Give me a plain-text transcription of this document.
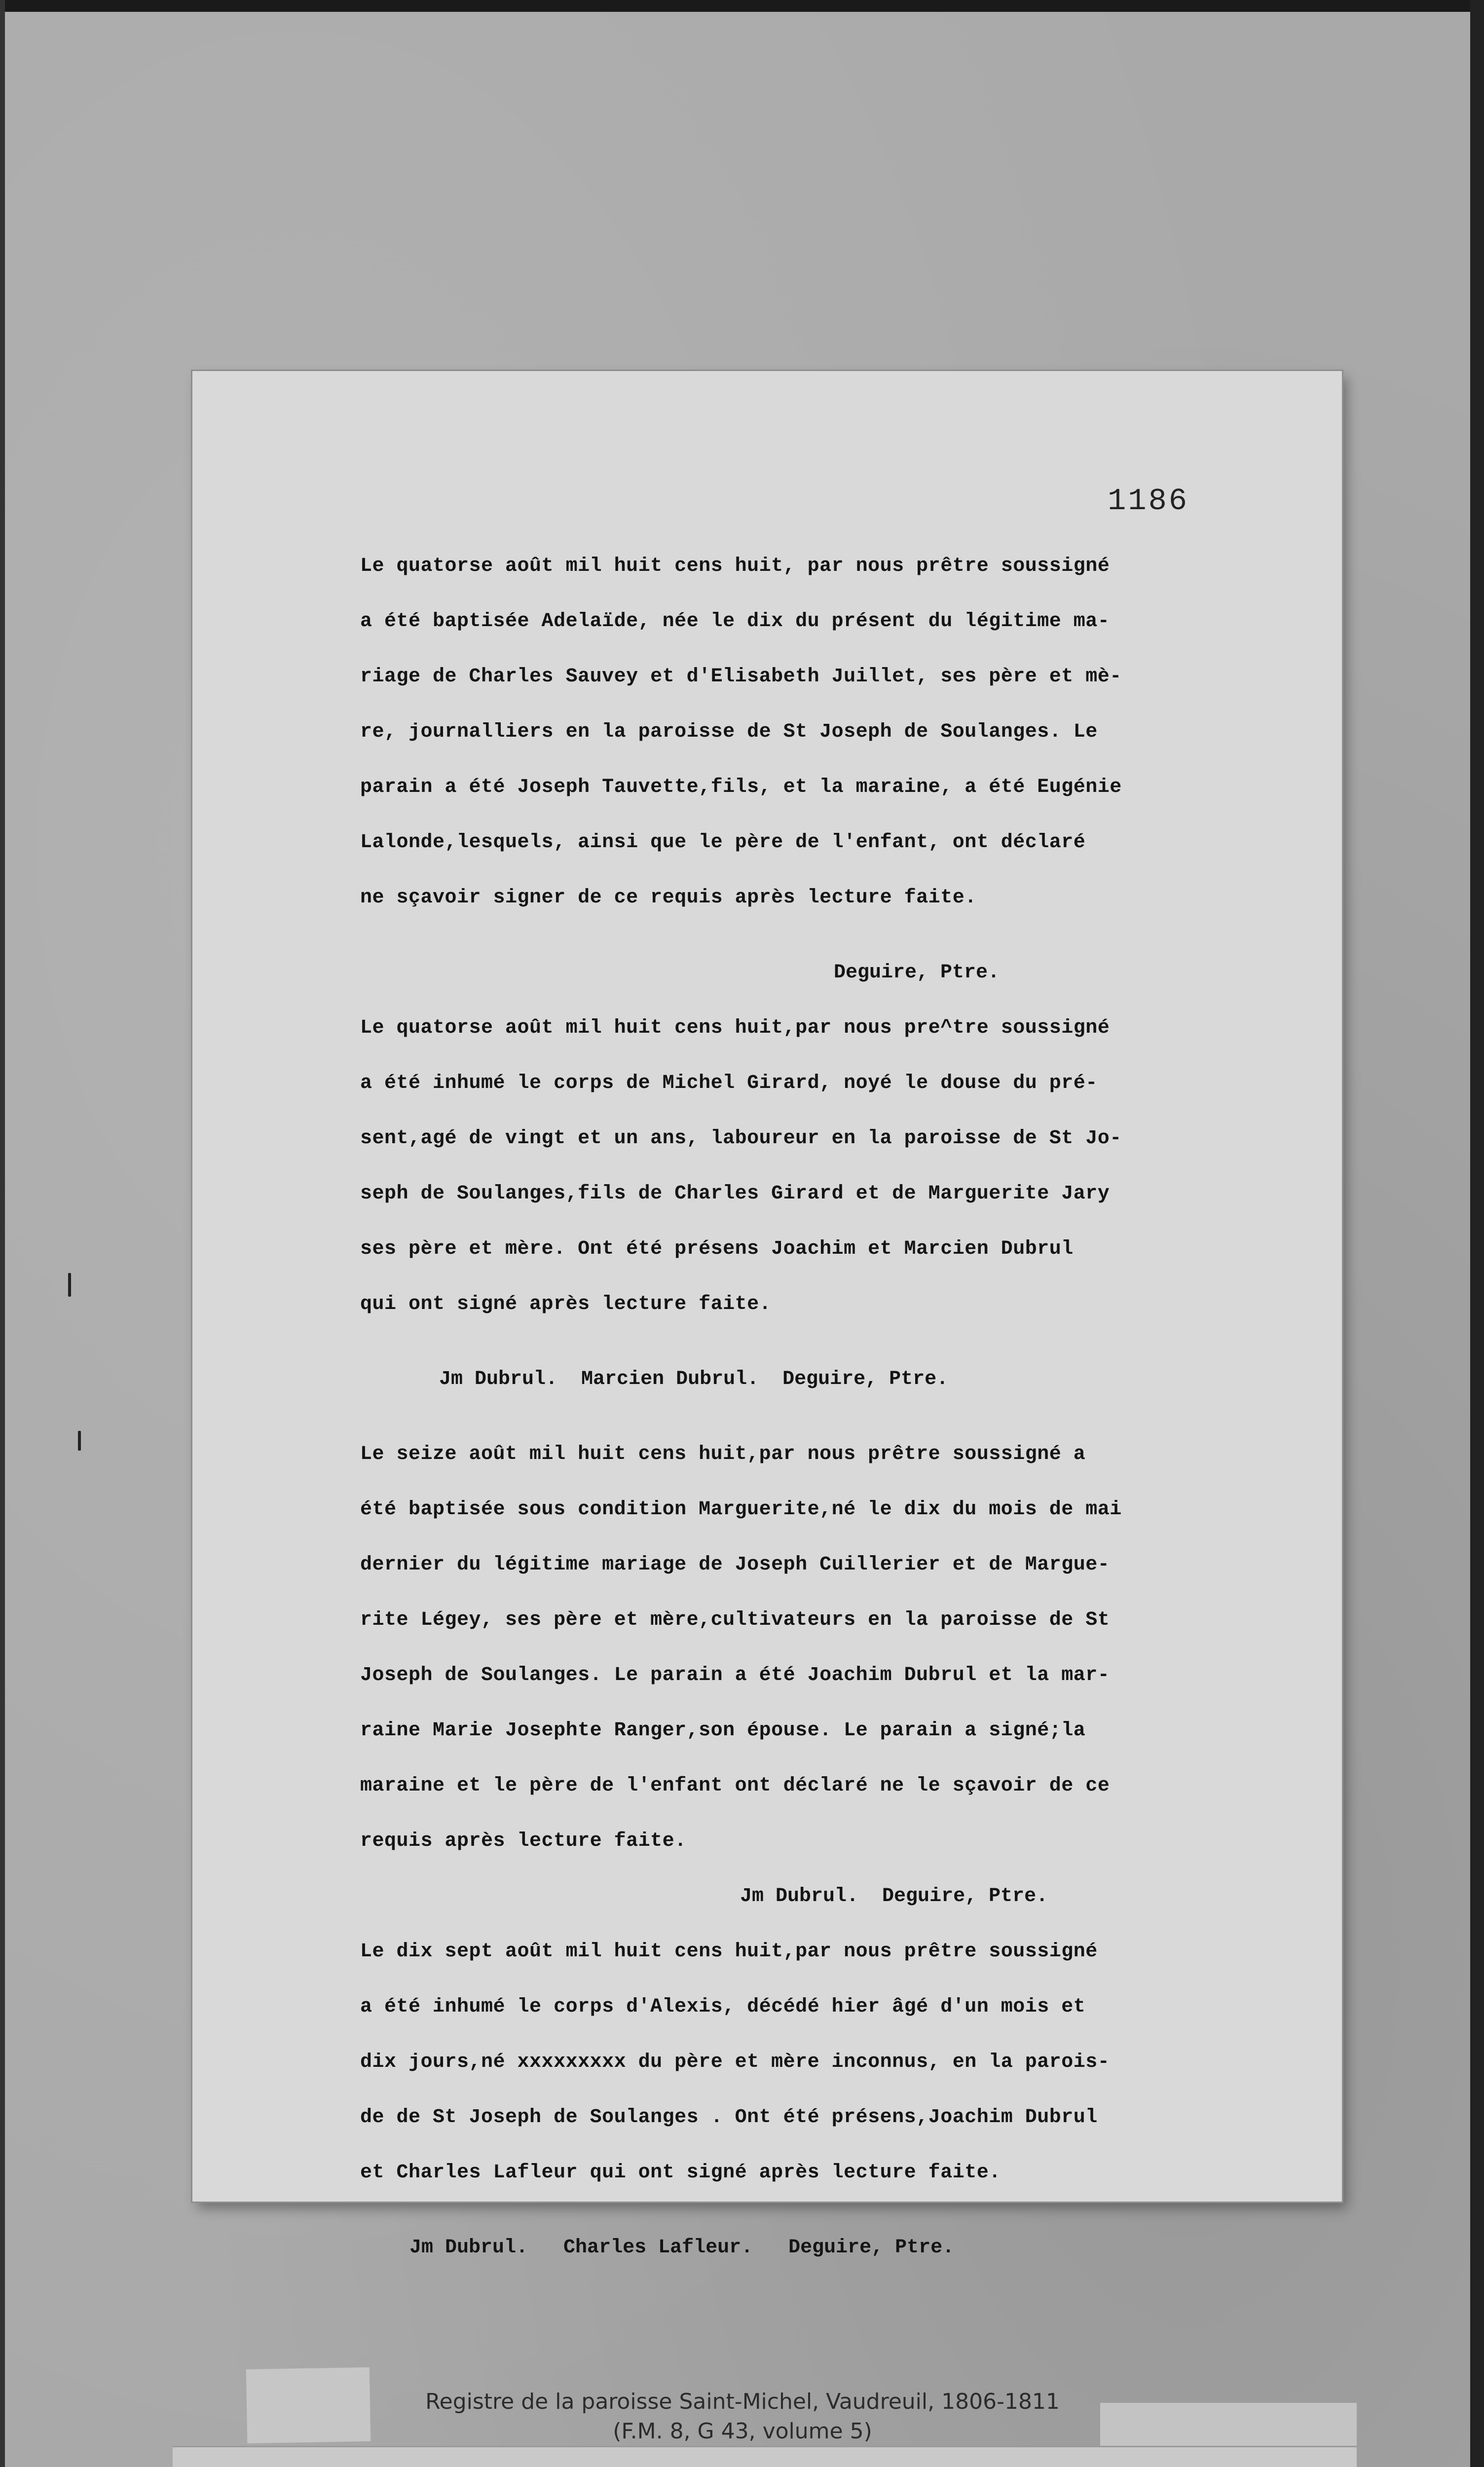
1186

Le quatorse août mil huit cens huit, par nous prêtre soussigné

a été baptisée Adelaïde, née le dix du présent du légitime ma-

riage de Charles Sauvey et d'Elisabeth Juillet, ses père et mè-

re, journalliers en la paroisse de St Joseph de Soulanges. Le

parain a été Joseph Tauvette,fils, et la maraine, a été Eugénie

Lalonde,lesquels, ainsi que le père de l'enfant, ont déclaré

ne sçavoir signer de ce requis après lecture faite.

Deguire, Ptre.

Le quatorse août mil huit cens huit,par nous pre^tre soussigné

a été inhumé le corps de Michel Girard, noyé le douse du pré-

sent,agé de vingt et un ans, laboureur en la paroisse de St Jo-

seph de Soulanges,fils de Charles Girard et de Marguerite Jary

ses père et mère. Ont été présens Joachim et Marcien Dubrul

qui ont signé après lecture faite.

Jm Dubrul.  Marcien Dubrul.  Deguire, Ptre.

Le seize août mil huit cens huit,par nous prêtre soussigné a

été baptisée sous condition Marguerite,né le dix du mois de mai

dernier du légitime mariage de Joseph Cuillerier et de Margue-

rite Légey, ses père et mère,cultivateurs en la paroisse de St

Joseph de Soulanges. Le parain a été Joachim Dubrul et la mar-

raine Marie Josephte Ranger,son épouse. Le parain a signé;la

maraine et le père de l'enfant ont déclaré ne le sçavoir de ce

requis après lecture faite.

Jm Dubrul.  Deguire, Ptre.

Le dix sept août mil huit cens huit,par nous prêtre soussigné

a été inhumé le corps d'Alexis, décédé hier âgé d'un mois et

dix jours,né xxxxxxxxx du père et mère inconnus, en la parois-

de de St Joseph de Soulanges . Ont été présens,Joachim Dubrul

et Charles Lafleur qui ont signé après lecture faite.

Jm Dubrul.   Charles Lafleur.   Deguire, Ptre.

Registre de la paroisse Saint-Michel, Vaudreuil, 1806-1811
(F.M. 8, G 43, volume 5)
